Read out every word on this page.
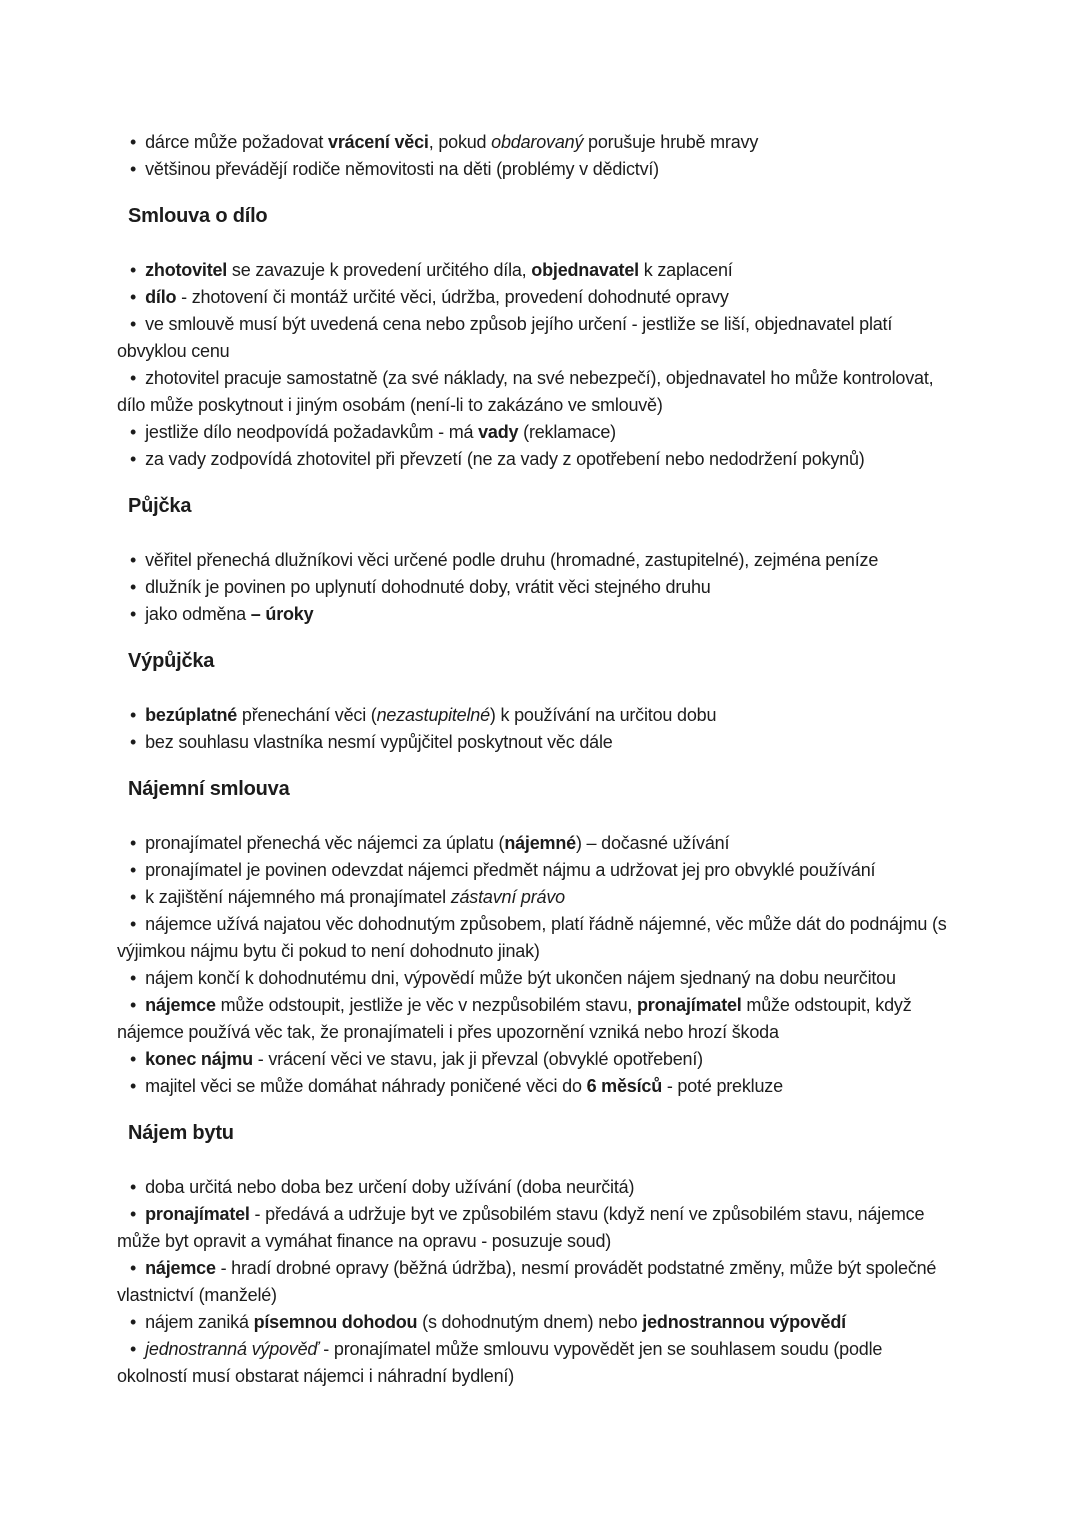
• dárce může požadovat vrácení věci, pokud obdarovaný porušuje hrubě mravy

• většinou převádějí rodiče němovitosti na děti (problémy v dědictví)

Smlouva o dílo

• zhotovitel se zavazuje k provedení určitého díla, objednavatel k zaplacení

• dílo - zhotovení či montáž určité věci, údržba, provedení dohodnuté opravy

• ve smlouvě musí být uvedená cena nebo způsob jejího určení - jestliže se liší, objednavatel platí obvyklou cenu

• zhotovitel pracuje samostatně (za své náklady, na své nebezpečí), objednavatel ho může kontrolovat, dílo může poskytnout i jiným osobám (není-li to zakázáno ve smlouvě)

• jestliže dílo neodpovídá požadavkům - má vady (reklamace)

• za vady zodpovídá zhotovitel při převzetí (ne za vady z opotřebení nebo nedodržení pokynů)

Půjčka

• věřitel přenechá dlužníkovi věci určené podle druhu (hromadné, zastupitelné), zejména peníze

• dlužník je povinen po uplynutí dohodnuté doby, vrátit věci stejného druhu

• jako odměna – úroky

Výpůjčka

• bezúplatné přenechání věci (nezastupitelné) k používání na určitou dobu

• bez souhlasu vlastníka nesmí vypůjčitel poskytnout věc dále

Nájemní smlouva

• pronajímatel přenechá věc nájemci za úplatu (nájemné) – dočasné užívání

• pronajímatel je povinen odevzdat nájemci předmět nájmu a udržovat jej pro obvyklé používání

• k zajištění nájemného má pronajímatel zástavní právo

• nájemce užívá najatou věc dohodnutým způsobem, platí řádně nájemné, věc může dát do podnájmu (s výjimkou nájmu bytu či pokud to není dohodnuto jinak)

• nájem končí k dohodnutému dni, výpovědí může být ukončen nájem sjednaný na dobu neurčitou

• nájemce může odstoupit, jestliže je věc v nezpůsobilém stavu, pronajímatel může odstoupit, když nájemce používá věc tak, že pronajímateli i přes upozornění vzniká nebo hrozí škoda

• konec nájmu - vrácení věci ve stavu, jak ji převzal (obvyklé opotřebení)

• majitel věci se může domáhat náhrady poničené věci do 6 měsíců - poté prekluze

Nájem bytu

• doba určitá nebo doba bez určení doby užívání (doba neurčitá)

• pronajímatel - předává a udržuje byt ve způsobilém stavu (když není ve způsobilém stavu, nájemce může byt opravit a vymáhat finance na opravu - posuzuje soud)

• nájemce - hradí drobné opravy (běžná údržba), nesmí provádět podstatné změny, může být společné vlastnictví (manželé)

• nájem zaniká písemnou dohodou (s dohodnutým dnem) nebo jednostrannou výpovědí

• jednostranná výpověď - pronajímatel může smlouvu vypovědět jen se souhlasem soudu (podle okolností musí obstarat nájemci i náhradní bydlení)
